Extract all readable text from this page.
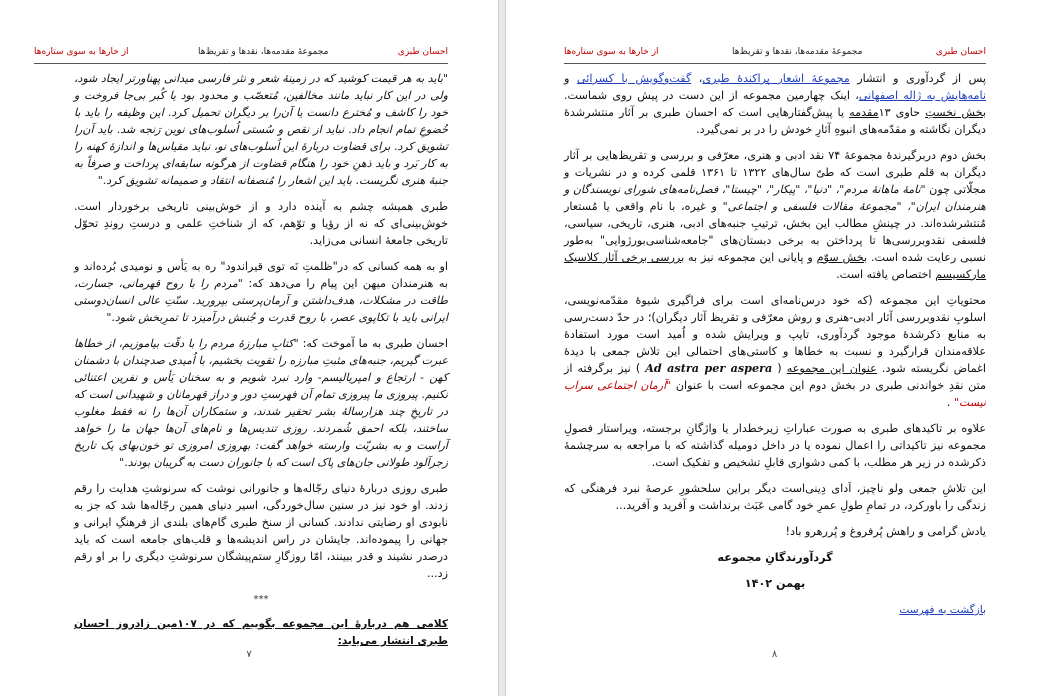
احسان طبری
مجموعهٔ مقدمه‌ها، نقدها و تقریظ‌ها
از خارها به سوی ستاره‌ها

"باید به هر قیمت کوشید که در زمینهٔ شعر و نثر فارسی میدانی پهناورتر ایجاد شود، ولی در این کار نباید مانند مخالفین، مُتعصّب و محدود بود یا کُبر بی‌جا فروخت و خود را کاشف و مُخترع دانست یا آن‌را بر دیگران تحمیل کرد. این وظیفه را باید با خُضوعِ تمام انجام داد. نباید از نقص و سُستی اُسلوب‌های نوین رَنجه شد. باید آن‌را تشویق کرد. برای قضاوت دربارهٔ این اُسلوب‌های نو، نباید مقیاس‌ها و اندازهٔ کهنه را به کار بَرد و باید ذهنِ خود را هنگام قضاوت از هرگونه سابقه‌ای پرداخت و صرفاً به جنبهٔ هنری نگریست. باید این اشعار را مُنصفانه انتقاد و صمیمانه تشویق کرد."

طبری همیشه چشم به آینده دارد و از خوش‌بینی تاریخی برخوردار است. خوش‌بینی‌ای که نه از رؤیا و توّهم، که از شناختِ علمی و درستِ روندِ تحوّل تاریخی جامعهٔ انسانی می‌زاید.

او به همه کسانی که در"ظلمتِ نَه توی قیراندود" ره به یَأس و نومیدی بُرده‌اند و به هنرمندان میهن این پیام را می‌دهد که: "مردم را با روح قهرمانی، جسارت، طاقت در مشکلات، هدف‌داشتن و آرمان‌پرستی بپرورید. سنّتِ عالی انسان‌دوستی ایرانی باید با تکاپوی عصر، با روح قدرت و جُنبش درآمیزد تا تمرِبخش شود."

احسان طبری به ما آموخت که: "کتابِ مبارزهٔ مردم را با دقّت بیاموزیم، از خطاها عبرت گیریم، جنبه‌های مثبتِ مبارزه را تقویت بخشیم، با اُمیدی صدچندان با دشمنان کهن - ارتجاع و امپریالیسم- وارد نبرد شویم و به سخنان یَأس و نفرین اعتنائی نکنیم. پیروزی ما پیروزی تمام آن فهرستِ دور و دراز قهرمانان و شهیدانی است که در تاریخِ چند هزارسالهٔ بشر تحقیر شدند، و ستمکاران آن‌ها را نه فقط مغلوب ساختند، بلکه احمق شُمردند. روزی تندیس‌ها و نام‌های آن‌ها جهان ما را خواهد آراست و به بشریّت وارسته خواهد گفت: بهروزی امروزی تو خون‌بهای یک تاریخ زجرآلود طولانی جان‌های پاک است که با جانوران دست به گریبان بودند."

طبری روزی دربارهٔ دنیای رجّاله‌ها و جانورانی نوشت که سرنوشتِ هدایت را رقم زدند. او خود نیز در سنین سال‌خوردگی، اسیر دنیای همین رجّاله‌ها شد که جز به نابودی او رضایتی ندادند. کسانی از سنخ طبری گام‌های بلندی از فرهنگِ ایرانی و جهانی را پیموده‌اند. جایشان در راس اندیشه‌ها و قلب‌های جامعه است که باید درصدر نشیند و قدر ببینند، امّا روزگارِ ستم‌پیشگان سرنوشتِ دیگری را بر او رقم زد...

***
کلامی هم دربارهٔ این مجموعه بگوییم که در ۱۰۷مین زادروز احسان طبری انتشار می‌یابد:
۷
احسان طبری
مجموعهٔ مقدمه‌ها، نقدها و تقریظ‌ها
از خارها به سوی ستاره‌ها

پس از گردآوری و انتشار مجموعهٔ اشعار پراکندهٔ طبری، گفت‌وگویش با کسرائی و نامه‌هایش به ژاله اصفهانی، اینک چهارمین مجموعه از این دست در پیش روی شماست. بخش نخستِ حاوی ۱۳مقدمه یا پیش‌گفتارهایی است که احسان طبری بر آثار منتشرشدهٔ دیگران نگاشته و مقدّمه‌های انبوهِ آثارِ خودش را در بر نمی‌گیرد.

بخش دوم دربرگیرندهٔ مجموعهٔ ۷۴ نقد ادبی و هنری، معرّفی و بررسی و تقریظ‌هایی بر آثار دیگران به قلم طبری است که طیّ سال‌های ۱۳۲۲ تا ۱۳۶۱ قلمی کرده و در نشریات و مجلّاتی چون "نامهٔ ماهانهٔ مردم"، "دنیا"، "پیکار"، "چیستا"، فصل‌نامه‌های شورای نویسندگان و هنرمندان ایران"، "مجموعهٔ مقالات فلسفی و اجتماعی" و غیره، با نام واقعی یا مُستعار مُنتشرشده‌اند. در چینشِ مطالب این بخش، ترتیبِ جنبه‌های ادبی، هنری، تاریخی، سیاسی، فلسفی نقدوبررسی‌ها تا پرداختن به برخی دبستان‌های "جامعه‌شناسی‌بورژوایی" به‌طور نسبی رعایت شده است. بخش سوّم و پایانی این مجموعه نیز به بررسی برخی آثار کلاسیک مارکسیسم اختصاص یافته است.

محتویاتِ این مجموعه (که خود درس‌نامه‌ای است برای فراگیری شیوهٔ مقدّمه‌نویسی، اسلوبِ نقدوبررسی آثار ادبی-هنری و روش معرّفی و تقریظ آثار دیگران)؛ در حدّ دست‌رسی به منابع ذکرشدهٔ موجود گردآوری، تایپ و ویرایش شده و اُمید است مورد استفادهٔ علاقه‌مندان قرارگیرد و نسبت به خطاها و کاستی‌های احتمالی این تلاش جمعی با دیدهٔ اغماض نگریسته شود. عنوان این مجموعه ( Ad astra per aspera ) نیز برگرفته از متن نقدِ خواندنی طبری در بخش دوم این مجموعه است با عنوان "آرمان اجتماعی سراب نیست" .

علاوه بر تاکیدهای طبری به صورت عباراتِ زیرخطدار یا واژگانِ برجسته، ویراستار فصولِ مجموعه نیز تاکیداتی را اعمال نموده یا در داخل دومیله گذاشته که با مراجعه به سرچشمهٔ ذکرشده در زیر هر مطلب، با کمی دشواری قابلِ تشخیص و تفکیک است.

این تلاشِ جمعی ولو ناچیز، اَدای دِینی‌است دیگر براین سلحشورِ عرصهٔ نبرد فرهنگی که زندگی را باورکرد، در تمامِ طولِ عمرِ خود گامی عَبَث برنداشت و آفرید و آفرید...

یادش گرامی و راهش پُرفروغ و پُررهرو باد!

گردآورندگانِ مجموعه

بهمن ۱۴۰۲

بازگشت به فهرست
۸
